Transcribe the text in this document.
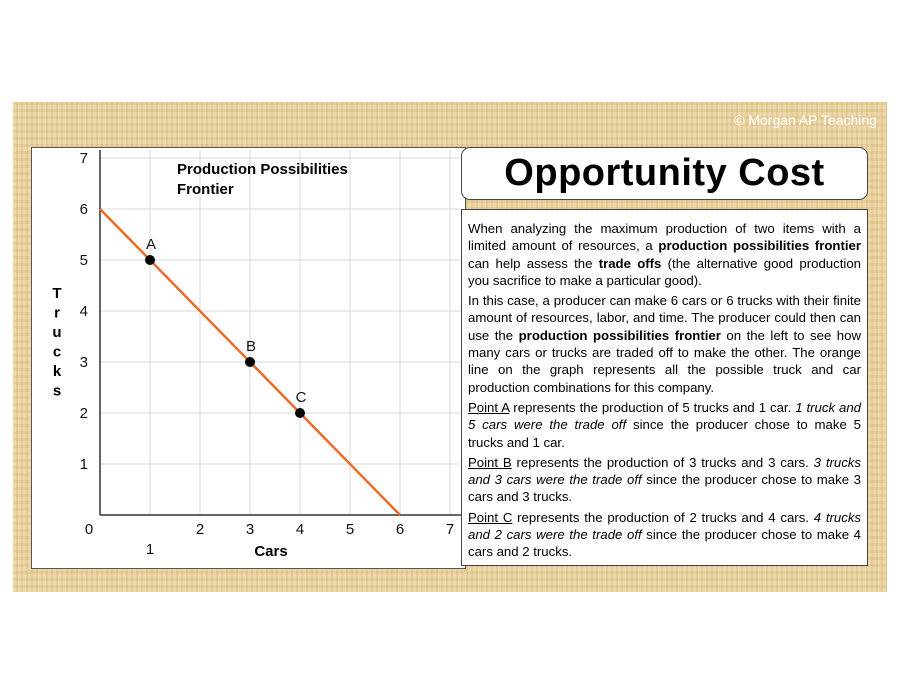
© Morgan AP Teaching
1
2
3
4
5
6
7
0
1
2	3	4	5	6	7
Cars
T r u c k s
Production Possibilities Frontier
A
B
C
Opportunity Cost

When analyzing the maximum production of two items with a limited amount of resources, a production possibilities frontier can help assess the trade offs (the alternative good production you sacrifice to make a particular good).

In this case, a producer can make 6 cars or 6 trucks with their finite amount of resources, labor, and time. The producer could then can use the production possibilities frontier on the left to see how many cars or trucks are traded off to make the other. The orange line on the graph represents all the possible truck and car production combinations for this company.

Point A represents the production of 5 trucks and 1 car. 1 truck and 5 cars were the trade off since the producer chose to make 5 trucks and 1 car.

Point B represents the production of 3 trucks and 3 cars. 3 trucks and 3 cars were the trade off since the producer chose to make 3 cars and 3 trucks.

Point C represents the production of 2 trucks and 4 cars. 4 trucks and 2 cars were the trade off since the producer chose to make 4 cars and 2 trucks.
